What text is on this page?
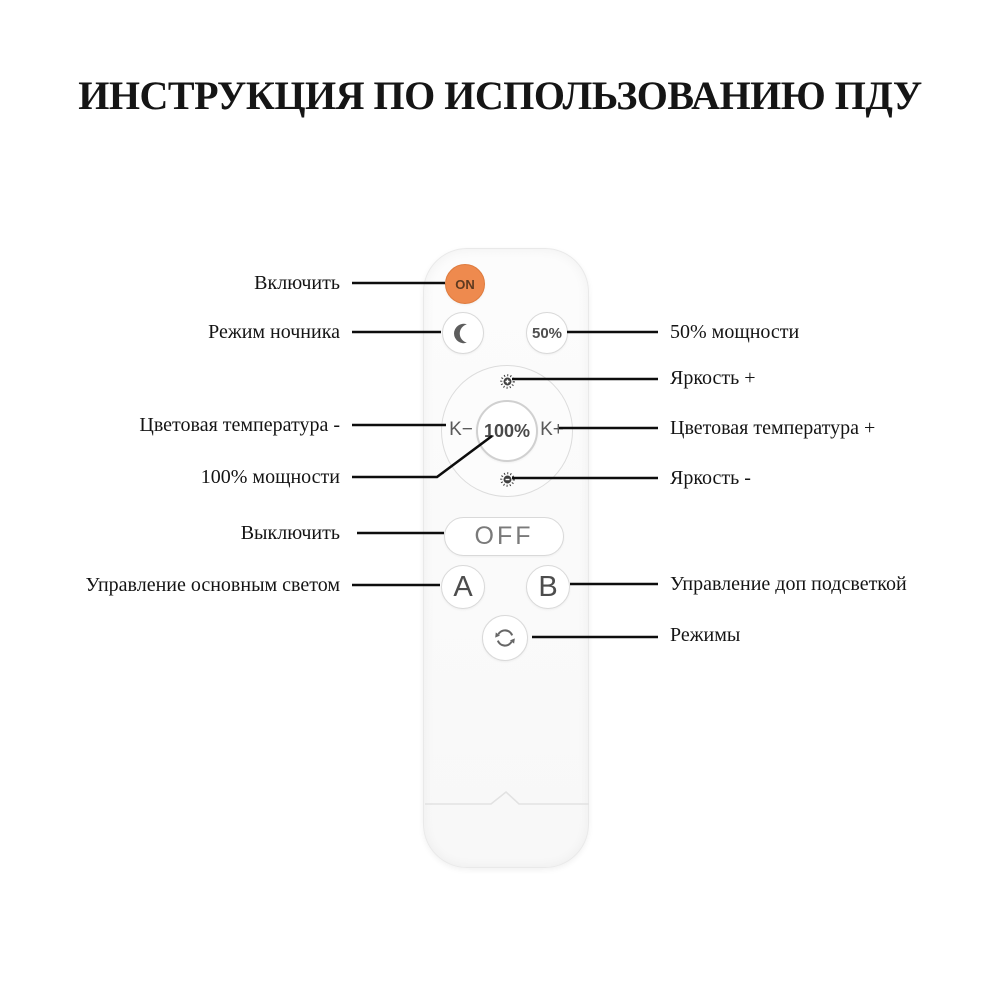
ИНСТРУКЦИЯ ПО ИСПОЛЬЗОВАНИЮ ПДУ
Включить
Режим ночника
Цветовая температура -
100% мощности
Выключить
Управление основным светом
50% мощности
Яркость +
Цветовая температура +
Яркость -
Управление доп подсветкой
Режимы
ON
50%
K− 100% K+
OFF
A	B
